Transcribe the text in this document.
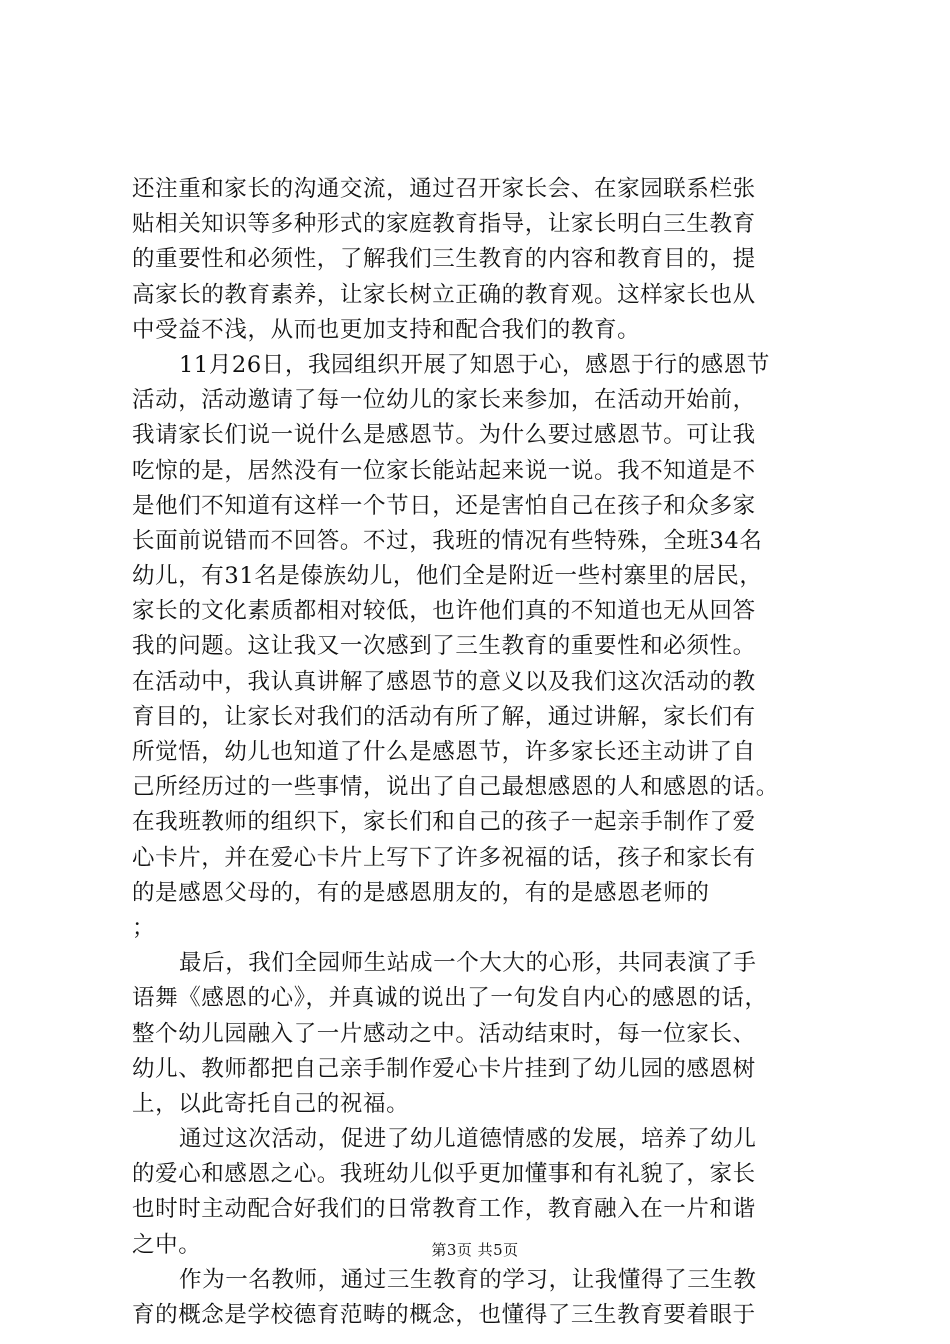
还注重和家长的沟通交流，通过召开家长会、在家园联系栏张
贴相关知识等多种形式的家庭教育指导，让家长明白三生教育
的重要性和必须性，了解我们三生教育的内容和教育目的，提
高家长的教育素养，让家长树立正确的教育观。这样家长也从
中受益不浅，从而也更加支持和配合我们的教育。
11月26日，我园组织开展了知恩于心，感恩于行的感恩节
活动，活动邀请了每一位幼儿的家长来参加，在活动开始前，
我请家长们说一说什么是感恩节。为什么要过感恩节。可让我
吃惊的是，居然没有一位家长能站起来说一说。我不知道是不
是他们不知道有这样一个节日，还是害怕自己在孩子和众多家
长面前说错而不回答。不过，我班的情况有些特殊，全班34名
幼儿，有31名是傣族幼儿，他们全是附近一些村寨里的居民，
家长的文化素质都相对较低，也许他们真的不知道也无从回答
我的问题。这让我又一次感到了三生教育的重要性和必须性。
在活动中，我认真讲解了感恩节的意义以及我们这次活动的教
育目的，让家长对我们的活动有所了解，通过讲解，家长们有
所觉悟，幼儿也知道了什么是感恩节，许多家长还主动讲了自
己所经历过的一些事情，说出了自己最想感恩的人和感恩的话。
在我班教师的组织下，家长们和自己的孩子一起亲手制作了爱
心卡片，并在爱心卡片上写下了许多祝福的话，孩子和家长有
的是感恩父母的，有的是感恩朋友的，有的是感恩老师的
；
最后，我们全园师生站成一个大大的心形，共同表演了手
语舞《感恩的心》，并真诚的说出了一句发自内心的感恩的话，
整个幼儿园融入了一片感动之中。活动结束时，每一位家长、
幼儿、教师都把自己亲手制作爱心卡片挂到了幼儿园的感恩树
上，以此寄托自己的祝福。
通过这次活动，促进了幼儿道德情感的发展，培养了幼儿
的爱心和感恩之心。我班幼儿似乎更加懂事和有礼貌了，家长
也时时主动配合好我们的日常教育工作，教育融入在一片和谐
之中。
作为一名教师，通过三生教育的学习，让我懂得了三生教
育的概念是学校德育范畴的概念，也懂得了三生教育要着眼于
第3页 共5页
